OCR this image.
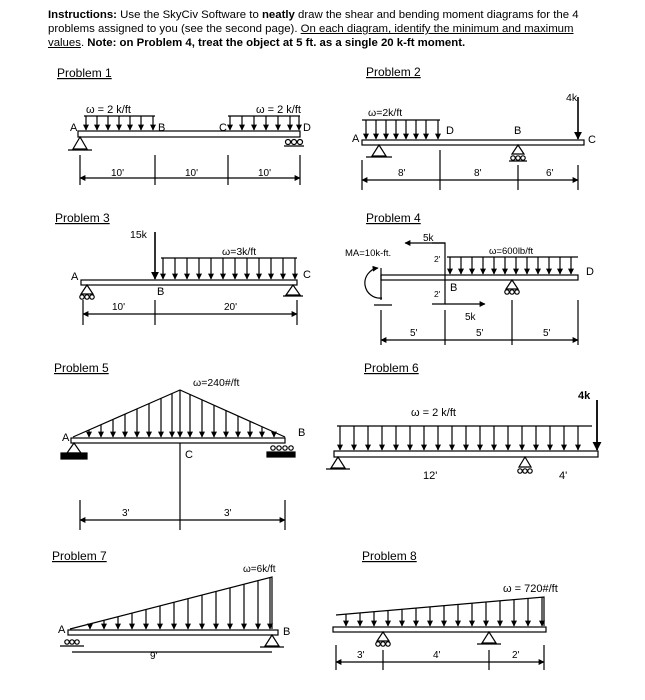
Instructions: Use the SkyCiv Software to neatly draw the shear and bending moment diagrams for the 4 problems assigned to you (see the second page). On each diagram, identify the minimum and maximum values. Note: on Problem 4, treat the object at 5 ft. as a single 20 k-ft moment.
Problem 1
ω = 2 k/ft	ω = 2 k/ft
A	B	C	D
10'	10'	10'
Problem 2
ω=2k/ft
4k
A
D	B
C
8'	8'	6'
Problem 3
15k
ω=3k/ft
A
B
C
10'	20'
Problem 4
MA=10k-ft.
5k
5k
ω=600lb/ft
2'
2' B
D
5'	5'	5'
Problem 5
ω=240#/ft
A	B
C
3'	3'
Problem 6
ω = 2 k/ft
4k
12'	4'
Problem 7
ω=6k/ft
A	B
9'
Problem 8
ω = 720#/ft
3'	4'	2'
